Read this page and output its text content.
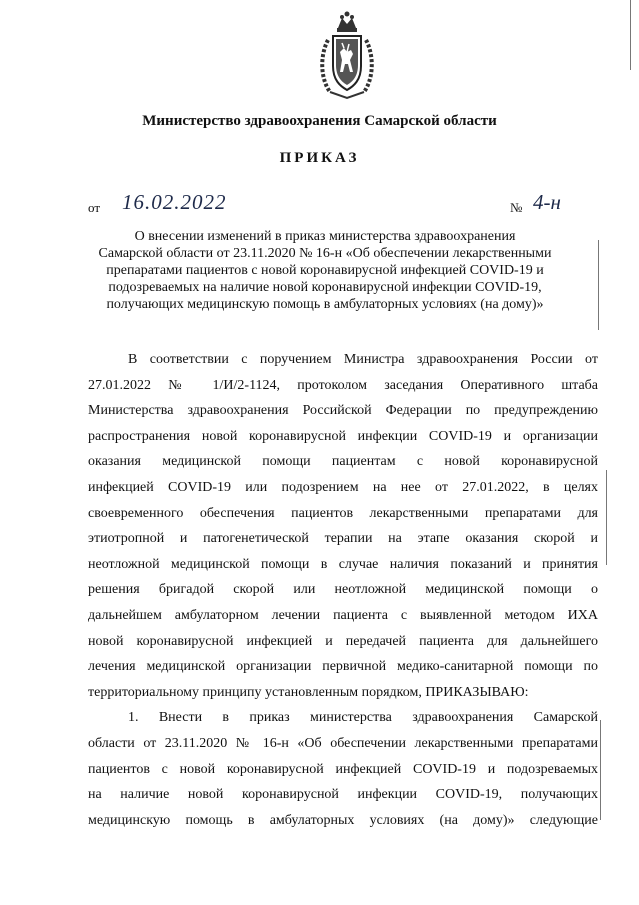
Министерство здравоохранения Самарской области
ПРИКАЗ
от 16.02.2022	№ 4-н
О внесении изменений в приказ министерства здравоохранения
Самарской области от 23.11.2020 № 16-н «Об обеспечении лекарственными
препаратами пациентов с новой коронавирусной инфекцией COVID-19 и
подозреваемых на наличие новой коронавирусной инфекции COVID-19,
получающих медицинскую помощь в амбулаторных условиях (на дому)»
В соответствии с поручением Министра здравоохранения России от
27.01.2022 № 1/И/2-1124, протоколом заседания Оперативного штаба
Министерства здравоохранения Российской Федерации по предупреждению
распространения новой коронавирусной инфекции COVID-19 и организации
оказания медицинской помощи пациентам с новой коронавирусной
инфекцией COVID-19 или подозрением на нее от 27.01.2022, в целях
своевременного обеспечения пациентов лекарственными препаратами для
этиотропной и патогенетической терапии на этапе оказания скорой и
неотложной медицинской помощи в случае наличия показаний и принятия
решения бригадой скорой или неотложной медицинской помощи о
дальнейшем амбулаторном лечении пациента с выявленной методом ИХА
новой коронавирусной инфекцией и передачей пациента для дальнейшего
лечения медицинской организации первичной медико-санитарной помощи по
территориальному принципу установленным порядком, ПРИКАЗЫВАЮ:
1. Внести в приказ министерства здравоохранения Самарской
области от 23.11.2020 № 16-н «Об обеспечении лекарственными препаратами
пациентов с новой коронавирусной инфекцией COVID-19 и подозреваемых
на наличие новой коронавирусной инфекции COVID-19, получающих
медицинскую помощь в амбулаторных условиях (на дому)» следующие
